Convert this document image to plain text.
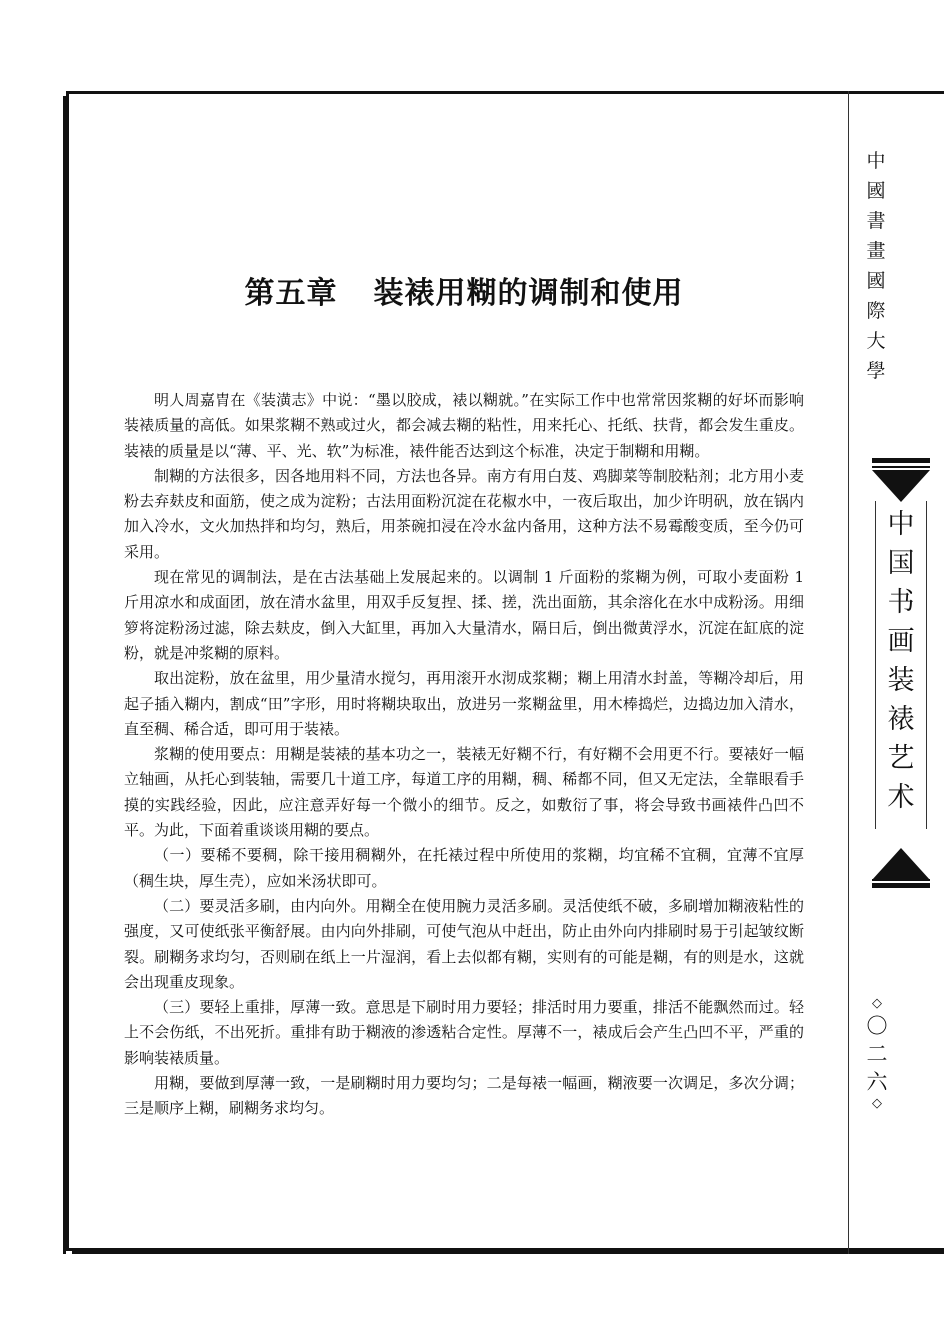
第五章 装裱用糊的调制和使用

明人周嘉胄在《装潢志》中说：“墨以胶成，裱以糊就。”在实际工作中也常常因浆糊的好坏而影响装裱质量的高低。如果浆糊不熟或过火，都会减去糊的粘性，用来托心、托纸、扶背，都会发生重皮。装裱的质量是以“薄、平、光、软”为标准，裱件能否达到这个标准，决定于制糊和用糊。

制糊的方法很多，因各地用料不同，方法也各异。南方有用白芨、鸡脚菜等制胶粘剂；北方用小麦粉去弃麸皮和面筋，使之成为淀粉；古法用面粉沉淀在花椒水中，一夜后取出，加少许明矾，放在锅内加入冷水，文火加热拌和均匀，熟后，用茶碗扣浸在冷水盆内备用，这种方法不易霉酸变质，至今仍可采用。

现在常见的调制法，是在古法基础上发展起来的。以调制 1 斤面粉的浆糊为例，可取小麦面粉 1 斤用凉水和成面团，放在清水盆里，用双手反复捏、揉、搓，洗出面筋，其余溶化在水中成粉汤。用细箩将淀粉汤过滤，除去麸皮，倒入大缸里，再加入大量清水，隔日后，倒出微黄浮水，沉淀在缸底的淀粉，就是冲浆糊的原料。

取出淀粉，放在盆里，用少量清水搅匀，再用滚开水沏成浆糊；糊上用清水封盖，等糊冷却后，用起子插入糊内，割成“田”字形，用时将糊块取出，放进另一浆糊盆里，用木棒捣烂，边捣边加入清水，直至稠、稀合适，即可用于装裱。

浆糊的使用要点：用糊是装裱的基本功之一，装裱无好糊不行，有好糊不会用更不行。要裱好一幅立轴画，从托心到装轴，需要几十道工序，每道工序的用糊，稠、稀都不同，但又无定法，全靠眼看手摸的实践经验，因此，应注意弄好每一个微小的细节。反之，如敷衍了事，将会导致书画裱件凸凹不平。为此，下面着重谈谈用糊的要点。

（一）要稀不要稠，除干接用稠糊外，在托裱过程中所使用的浆糊，均宜稀不宜稠，宜薄不宜厚（稠生块，厚生壳），应如米汤状即可。

（二）要灵活多刷，由内向外。用糊全在使用腕力灵活多刷。灵活使纸不破，多刷增加糊液粘性的强度，又可使纸张平衡舒展。由内向外排刷，可使气泡从中赶出，防止由外向内排刷时易于引起皱纹断裂。刷糊务求均匀，否则刷在纸上一片湿润，看上去似都有糊，实则有的可能是糊，有的则是水，这就会出现重皮现象。

（三）要轻上重排，厚薄一致。意思是下刷时用力要轻；排活时用力要重，排活不能飘然而过。轻上不会伤纸，不出死折。重排有助于糊液的渗透粘合定性。厚薄不一，裱成后会产生凸凹不平，严重的影响装裱质量。

用糊，要做到厚薄一致，一是刷糊时用力要均匀；二是每裱一幅画，糊液要一次调足，多次分调；三是顺序上糊，刷糊务求均匀。

中
國
書
畫
國
際
大
學
中
国
书
画
装
裱
艺
术
◇
〇
二
六
◇
